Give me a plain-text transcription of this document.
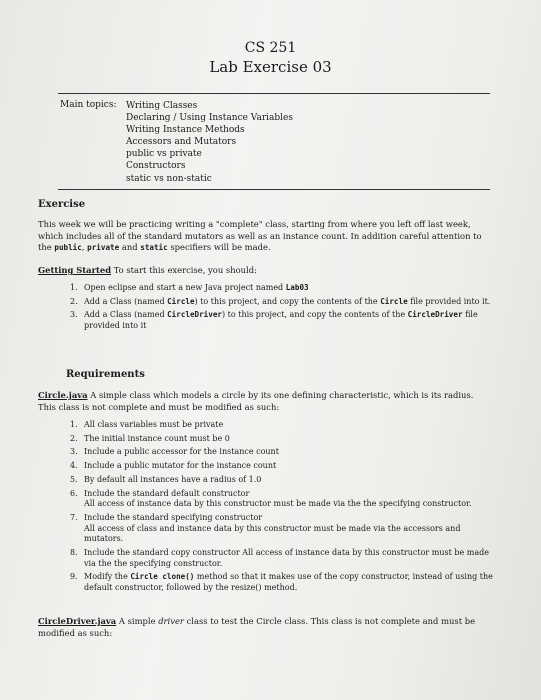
CS 251
Lab Exercise 03
Main topics: Writing Classes
Declaring / Using Instance Variables
Writing Instance Methods
Accessors and Mutators
public vs private
Constructors
static vs non-static
Exercise
This week we will be practicing writing a "complete" class, starting from where you left off last week, which includes all of the standard mutators as well as an instance count. In addition careful attention to the public, private and static specifiers will be made.
Getting Started To start this exercise, you should:
1. Open eclipse and start a new Java project named Lab03
2. Add a Class (named Circle) to this project, and copy the contents of the Circle file provided into it.
3. Add a Class (named CircleDriver) to this project, and copy the contents of the CircleDriver file provided into it
Requirements
Circle.java A simple class which models a circle by its one defining characteristic, which is its radius. This class is not complete and must be modified as such:
1. All class variables must be private
2. The initial instance count must be 0
3. Include a public accessor for the instance count
4. Include a public mutator for the instance count
5. By default all instances have a radius of 1.0
6. Include the standard default constructor
All access of instance data by this constructor must be made via the the specifying constructor.
7. Include the standard specifying constructor
All access of class and instance data by this constructor must be made via the accessors and mutators.
8. Include the standard copy constructor All access of instance data by this constructor must be made via the the specifying constructor.
9. Modify the Circle clone() method so that it makes use of the copy constructor, instead of using the default constructor, followed by the resize() method.
CircleDriver.java A simple driver class to test the Circle class. This class is not complete and must be modified as such:
